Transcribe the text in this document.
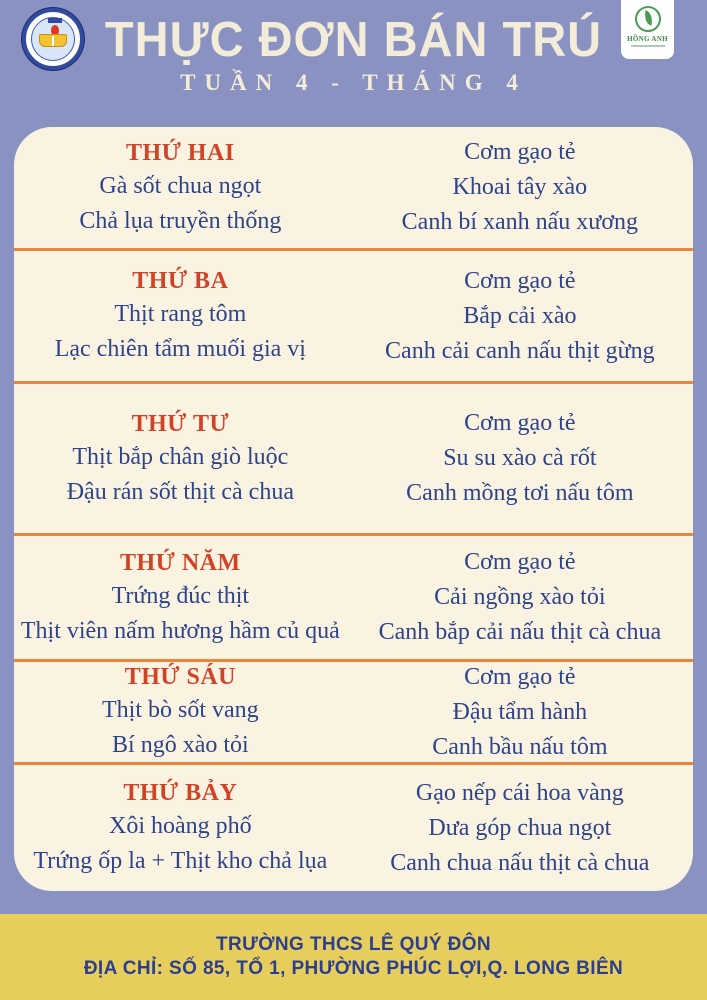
THỰC ĐƠN BÁN TRÚ
TUẦN 4 - THÁNG 4
HỒNG ANH
THỨ HAI
Gà sốt chua ngọt
Chả lụa truyền thống
Cơm gạo tẻ
Khoai tây xào
Canh bí xanh nấu xương
THỨ BA
Thịt rang tôm
Lạc chiên tẩm muối gia vị
Cơm gạo tẻ
Bắp cải xào
Canh cải canh nấu thịt gừng
THỨ TƯ
Thịt bắp chân giò luộc
Đậu rán sốt thịt cà chua
Cơm gạo tẻ
Su su xào cà rốt
Canh mồng tơi nấu tôm
THỨ NĂM
Trứng đúc thịt
Thịt viên nấm hương hầm củ quả
Cơm gạo tẻ
Cải ngồng xào tỏi
Canh bắp cải nấu thịt cà chua
THỨ SÁU
Thịt bò sốt vang
Bí ngô xào tỏi
Cơm gạo tẻ
Đậu tẩm hành
Canh bầu nấu tôm
THỨ BẢY
Xôi hoàng phố
Trứng ốp la + Thịt kho chả lụa
Gạo nếp cái hoa vàng
Dưa góp chua ngọt
Canh chua nấu thịt cà chua
TRƯỜNG THCS LÊ QUÝ ĐÔN
ĐỊA CHỈ: SỐ 85, TỔ 1, PHƯỜNG PHÚC LỢI,Q. LONG BIÊN
